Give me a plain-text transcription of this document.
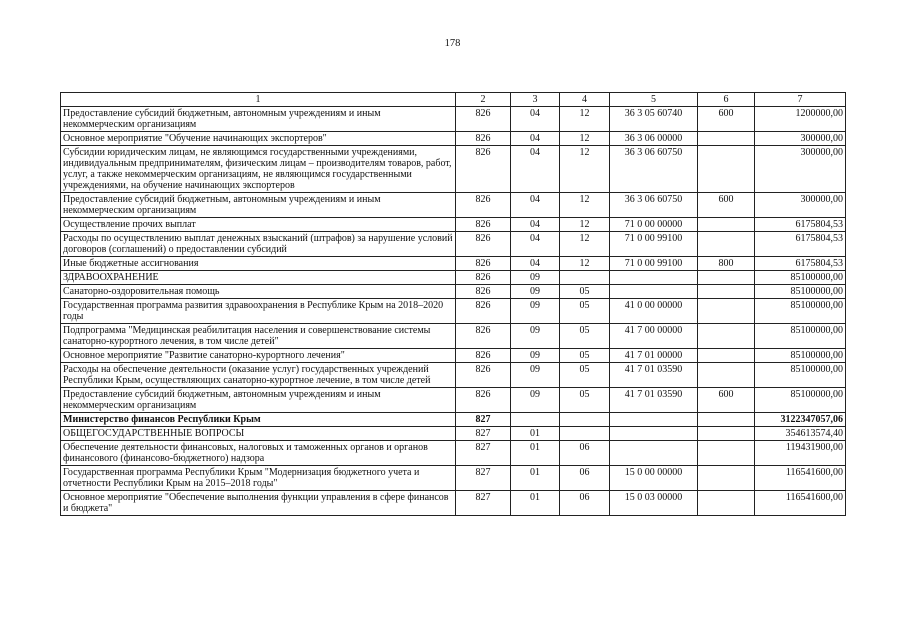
178
1	2	3	4	5	6	7
Предоставление субсидий бюджетным, автономным учреждениям и иным некоммерческим организациям	826	04	12	36 3 05 60740	600	1200000,00
Основное мероприятие "Обучение начинающих экспортеров"	826	04	12	36 3 06 00000		300000,00
Субсидии юридическим лицам, не являющимся государственными учреждениями, индивидуальным предпринимателям, физическим лицам – производителям товаров, работ, услуг, а также некоммерческим организациям, не являющимся государственными учреждениями, на обучение начинающих экспортеров	826	04	12	36 3 06 60750		300000,00
Предоставление субсидий бюджетным, автономным учреждениям и иным некоммерческим организациям	826	04	12	36 3 06 60750	600	300000,00
Осуществление прочих выплат	826	04	12	71 0 00 00000		6175804,53
Расходы по осуществлению выплат денежных взысканий (штрафов) за нарушение условий договоров (соглашений) о предоставлении субсидий	826	04	12	71 0 00 99100		6175804,53
Иные бюджетные ассигнования	826	04	12	71 0 00 99100	800	6175804,53
ЗДРАВООХРАНЕНИЕ	826	09				85100000,00
Санаторно-оздоровительная помощь	826	09	05			85100000,00
Государственная программа развития здравоохранения в Республике Крым на 2018–2020 годы	826	09	05	41 0 00 00000		85100000,00
Подпрограмма "Медицинская реабилитация населения и совершенствование системы санаторно-курортного лечения, в том числе детей"	826	09	05	41 7 00 00000		85100000,00
Основное мероприятие "Развитие санаторно-курортного лечения"	826	09	05	41 7 01 00000		85100000,00
Расходы на обеспечение деятельности (оказание услуг) государственных учреждений Республики Крым, осуществляющих санаторно-курортное лечение, в том числе детей	826	09	05	41 7 01 03590		85100000,00
Предоставление субсидий бюджетным, автономным учреждениям и иным некоммерческим организациям	826	09	05	41 7 01 03590	600	85100000,00
Министерство финансов Республики Крым	827					3122347057,06
ОБЩЕГОСУДАРСТВЕННЫЕ ВОПРОСЫ	827	01				354613574,40
Обеспечение деятельности финансовых, налоговых и таможенных органов и органов финансового (финансово-бюджетного) надзора	827	01	06			119431900,00
Государственная программа Республики Крым "Модернизация бюджетного учета и отчетности Республики Крым на 2015–2018 годы"	827	01	06	15 0 00 00000		116541600,00
Основное мероприятие "Обеспечение выполнения функции управления в сфере финансов и бюджета"	827	01	06	15 0 03 00000		116541600,00
